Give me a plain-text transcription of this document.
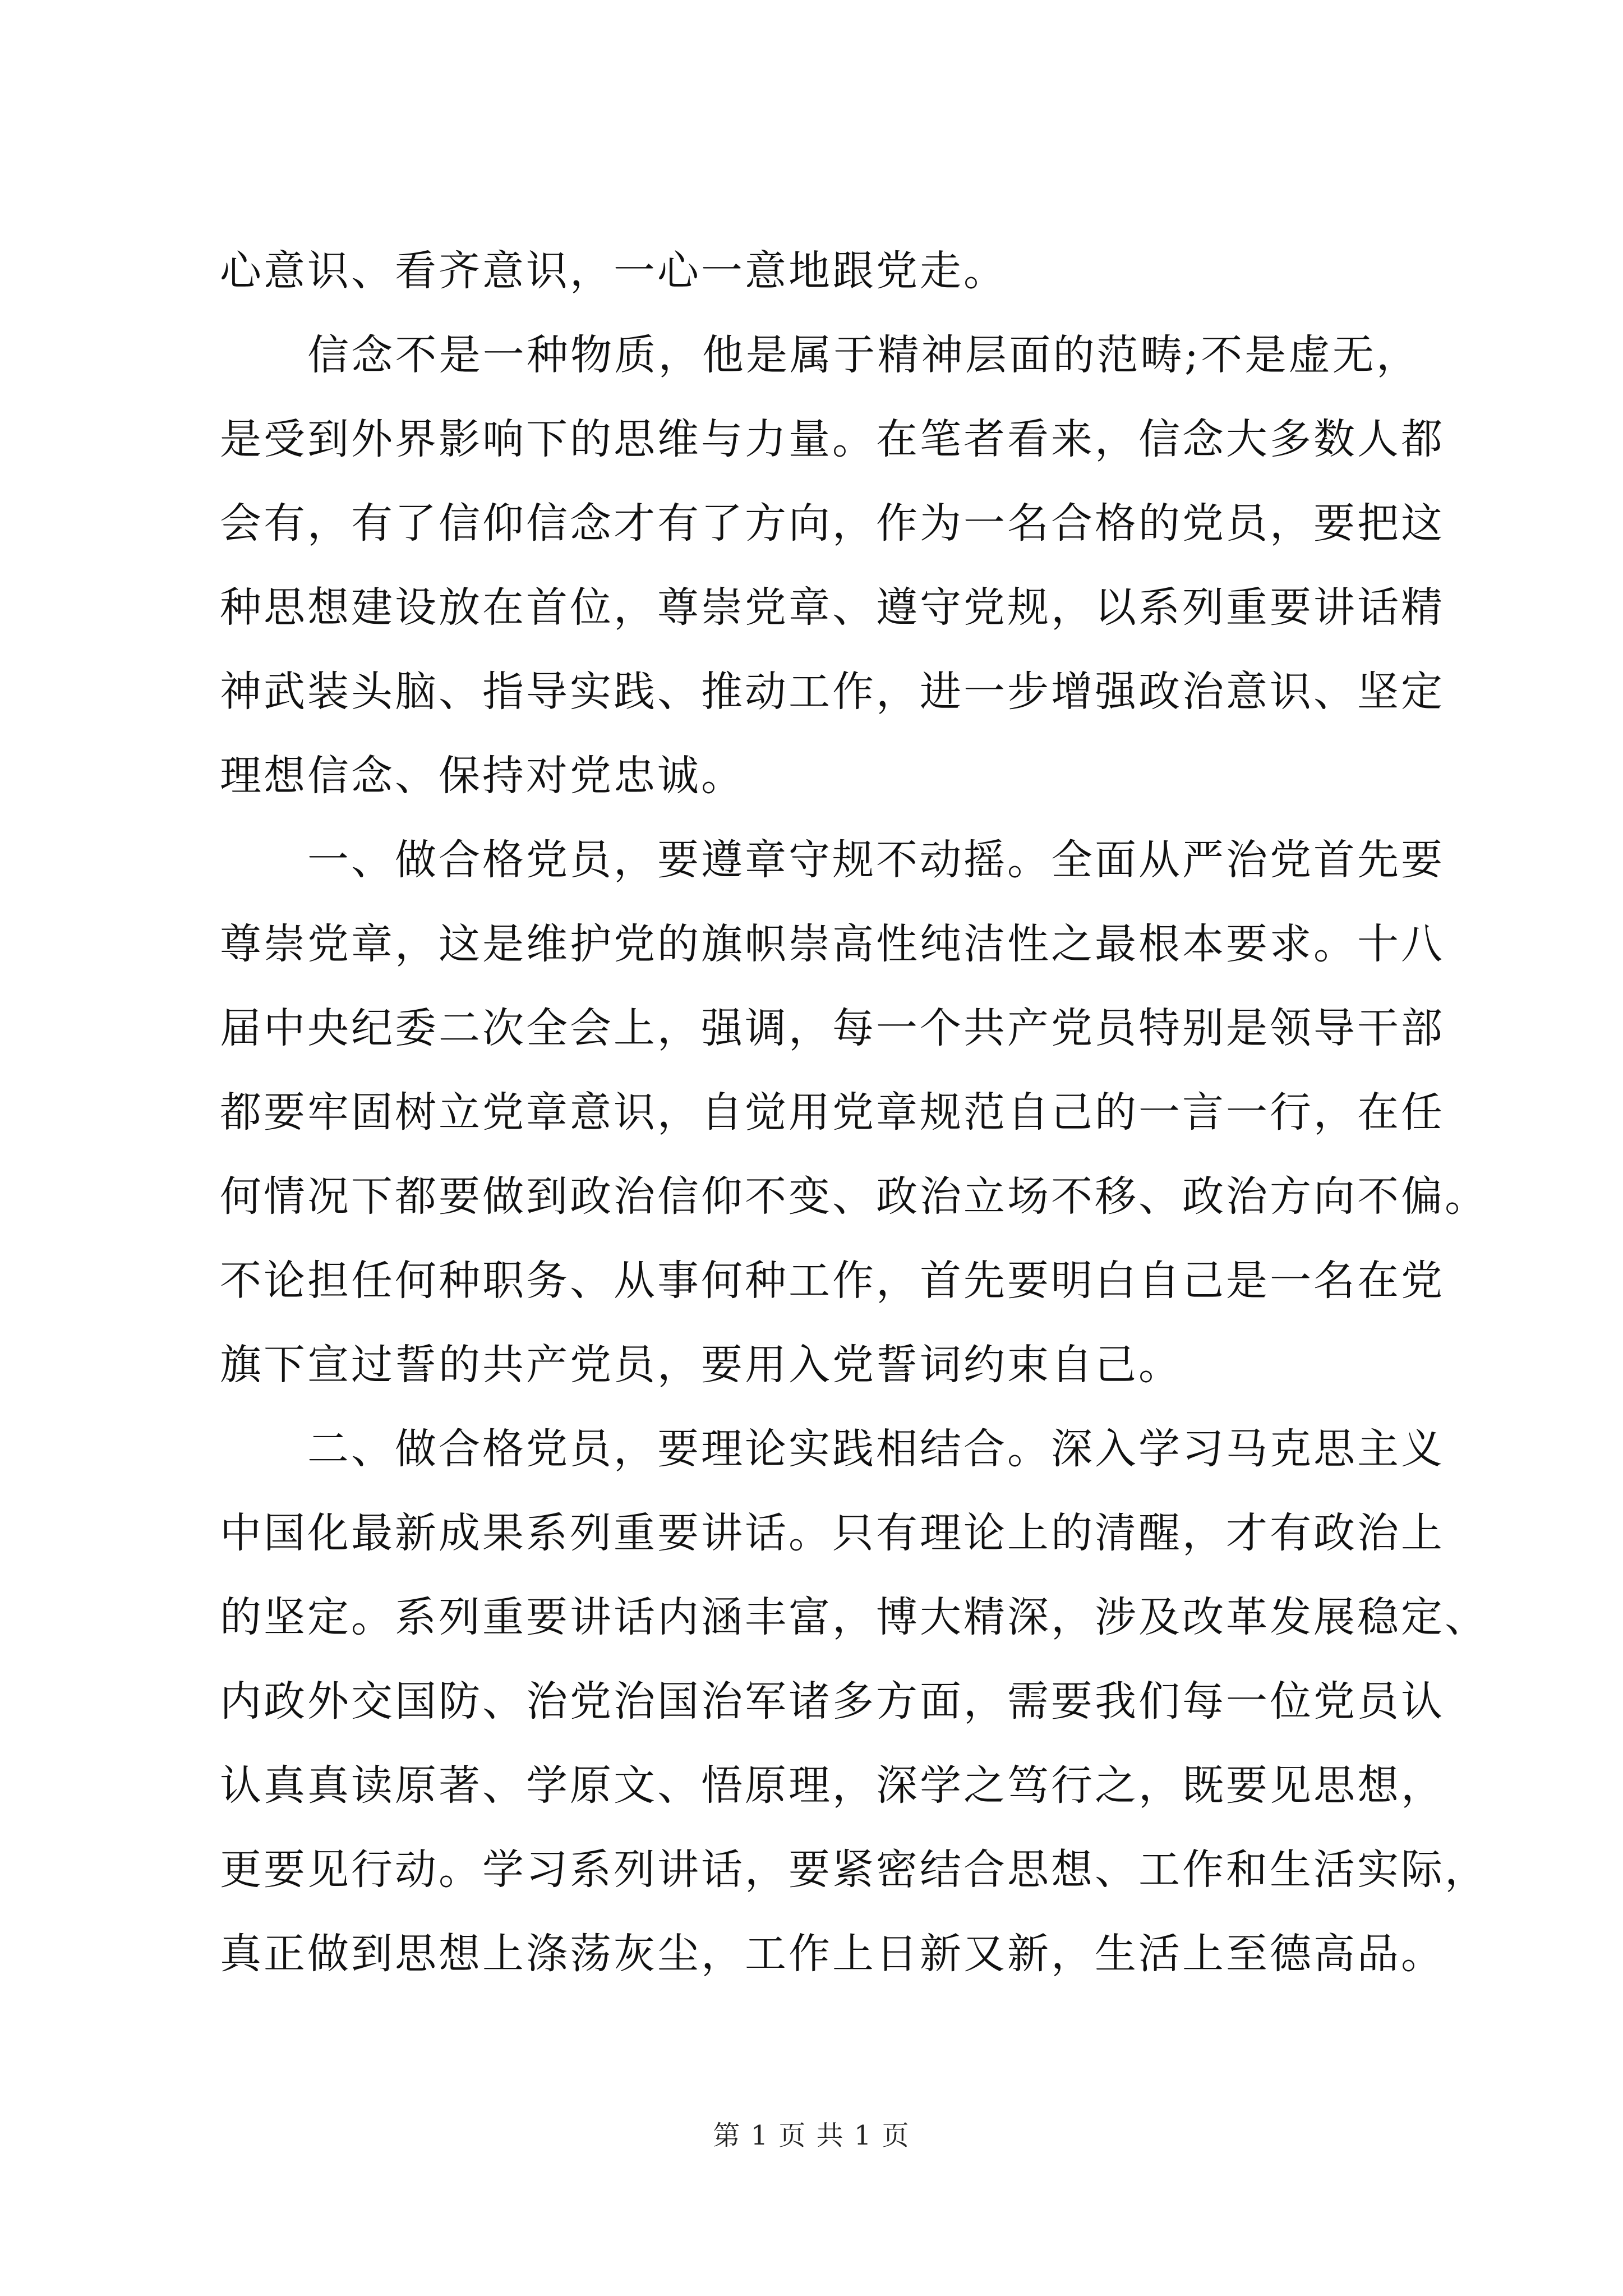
心意识、看齐意识，一心一意地跟党走。
信念不是一种物质，他是属于精神层面的范畴;不是虚无，
是受到外界影响下的思维与力量。在笔者看来，信念大多数人都
会有，有了信仰信念才有了方向，作为一名合格的党员，要把这
种思想建设放在首位，尊崇党章、遵守党规，以系列重要讲话精
神武装头脑、指导实践、推动工作，进一步增强政治意识、坚定
理想信念、保持对党忠诚。
一、做合格党员，要遵章守规不动摇。全面从严治党首先要
尊崇党章，这是维护党的旗帜崇高性纯洁性之最根本要求。十八
届中央纪委二次全会上，强调，每一个共产党员特别是领导干部
都要牢固树立党章意识，自觉用党章规范自己的一言一行，在任
何情况下都要做到政治信仰不变、政治立场不移、政治方向不偏。
不论担任何种职务、从事何种工作，首先要明白自己是一名在党
旗下宣过誓的共产党员，要用入党誓词约束自己。
二、做合格党员，要理论实践相结合。深入学习马克思主义
中国化最新成果系列重要讲话。只有理论上的清醒，才有政治上
的坚定。系列重要讲话内涵丰富，博大精深，涉及改革发展稳定、
内政外交国防、治党治国治军诸多方面，需要我们每一位党员认
认真真读原著、学原文、悟原理，深学之笃行之，既要见思想，
更要见行动。学习系列讲话，要紧密结合思想、工作和生活实际，
真正做到思想上涤荡灰尘，工作上日新又新，生活上至德高品。
第 1 页 共 1 页
